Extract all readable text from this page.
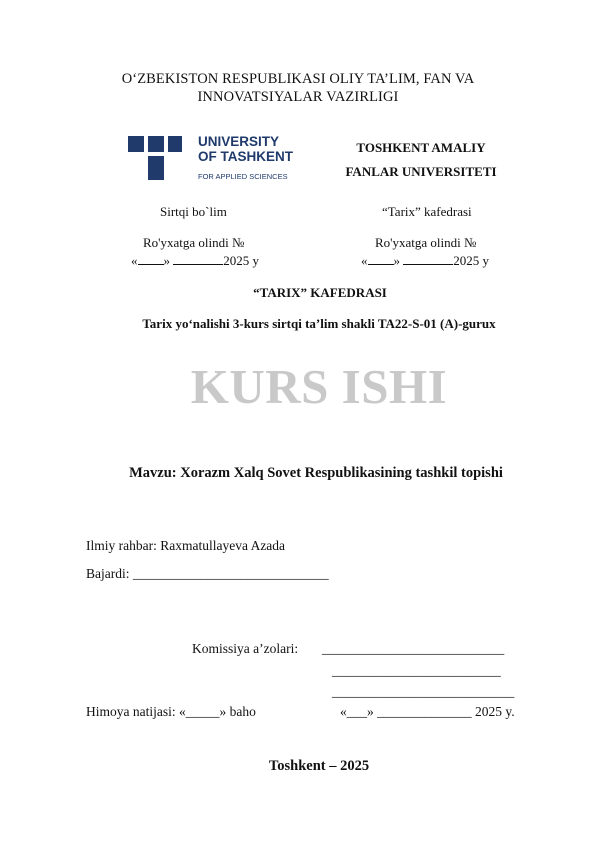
O‘ZBEKISTON RESPUBLIKASI OLIY TA’LIM, FAN VA
INNOVATSIYALAR VAZIRLIGI
UNIVERSITY
OF TASHKENT
FOR APPLIED SCIENCES
TOSHKENT AMALIY
FANLAR UNIVERSITETI
Sirtqi bo`lim
Ro'yxatga olindi №
« »	2025 y
“Tarix” kafedrasi
Ro'yxatga olindi №
« »	2025 y
“TARIX” KAFEDRASI
Tarix yo‘nalishi 3-kurs sirtqi ta’lim shakli TA22-S-01 (A)-gurux
KURS ISHI
Mavzu: Xorazm Xalq Sovet Respublikasining tashkil topishi
Ilmiy rahbar: Raxmatullayeva Azada
Bajardi: _____________________________
Komissiya a’zolari: ___________________________
_________________________
___________________________
Himoya natijasi: «_____» baho	«___» ______________ 2025 y.
Toshkent – 2025
